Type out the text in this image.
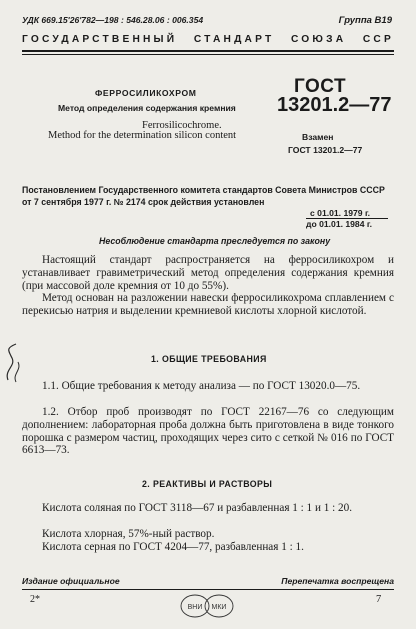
УДК 669.15'26'782—198 : 546.28.06 : 006.354	Группа В19
ГОСУДАРСТВЕННЫЙ СТАНДАРТ СОЮЗА ССР
ФЕРРОСИЛИКОХРОМ
Метод определения содержания кремния
Ferrosilicochrome.
Method for the determination silicon content
ГОСТ
13201.2—77
Взамен
ГОСТ 13201.2—77
Постановлением Государственного комитета стандартов Совета Министров СССР от 7 сентября 1977 г. № 2174 срок действия установлен
с 01.01. 1979 г.
до 01.01. 1984 г.
Несоблюдение стандарта преследуется по закону
Настоящий стандарт распространяется на ферросиликохром и устанавливает гравиметрический метод определения содержания кремния (при массовой доле кремния от 10 до 55%).
Метод основан на разложении навески ферросиликохрома сплавлением с перекисью натрия и выделении кремниевой кислоты хлорной кислотой.
1. ОБЩИЕ ТРЕБОВАНИЯ
1.1. Общие требования к методу анализа — по ГОСТ 13020.0—75.
1.2. Отбор проб производят по ГОСТ 22167—76 со следующим дополнением: лабораторная проба должна быть приготовлена в виде тонкого порошка с размером частиц, проходящих через сито с сеткой № 016 по ГОСТ 6613—73.
2. РЕАКТИВЫ И РАСТВОРЫ
Кислота соляная по ГОСТ 3118—67 и разбавленная 1 : 1 и 1 : 20.
Кислота хлорная, 57%-ный раствор.
Кислота серная по ГОСТ 4204—77, разбавленная 1 : 1.
Издание официальное	Перепечатка воспрещена
2*	7
ВНИ МКИ
